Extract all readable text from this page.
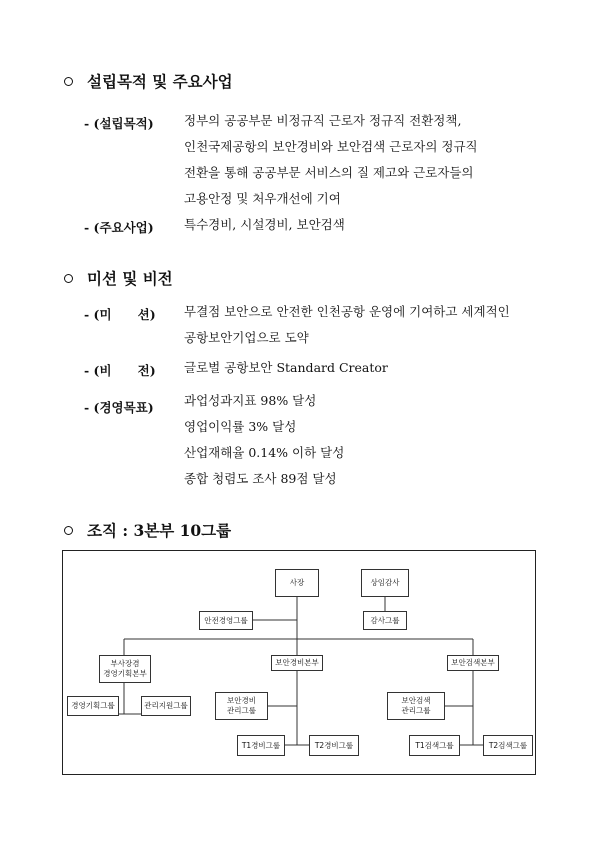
설립목적 및 주요사업
- (설립목적) 정부의 공공부문 비정규직 근로자 정규직 전환정책,
인천국제공항의 보안경비와 보안검색 근로자의 정규직
전환을 통해 공공부문 서비스의 질 제고와 근로자들의
고용안정 및 처우개선에 기여
- (주요사업) 특수경비, 시설경비, 보안검색
미션 및 비전
- (미      션) 무결점 보안으로 안전한 인천공항 운영에 기여하고 세계적인
공항보안기업으로 도약
- (비      전) 글로벌 공항보안 Standard Creator
- (경영목표) 과업성과지표 98% 달성
영업이익률 3% 달성
산업재해율 0.14% 이하 달성
종합 청렴도 조사 89점 달성
조직 : 3본부 10그룹
사장	상임감사
감사그룹
안전경영그룹
부사장겸
경영기획본부
경영기획그룹	관리지원그룹
보안경비본부
보안경비
관리그룹
T1경비그룹	T2경비그룹
보안검색본부
보안검색
관리그룹
T1검색그룹	T2검색그룹
